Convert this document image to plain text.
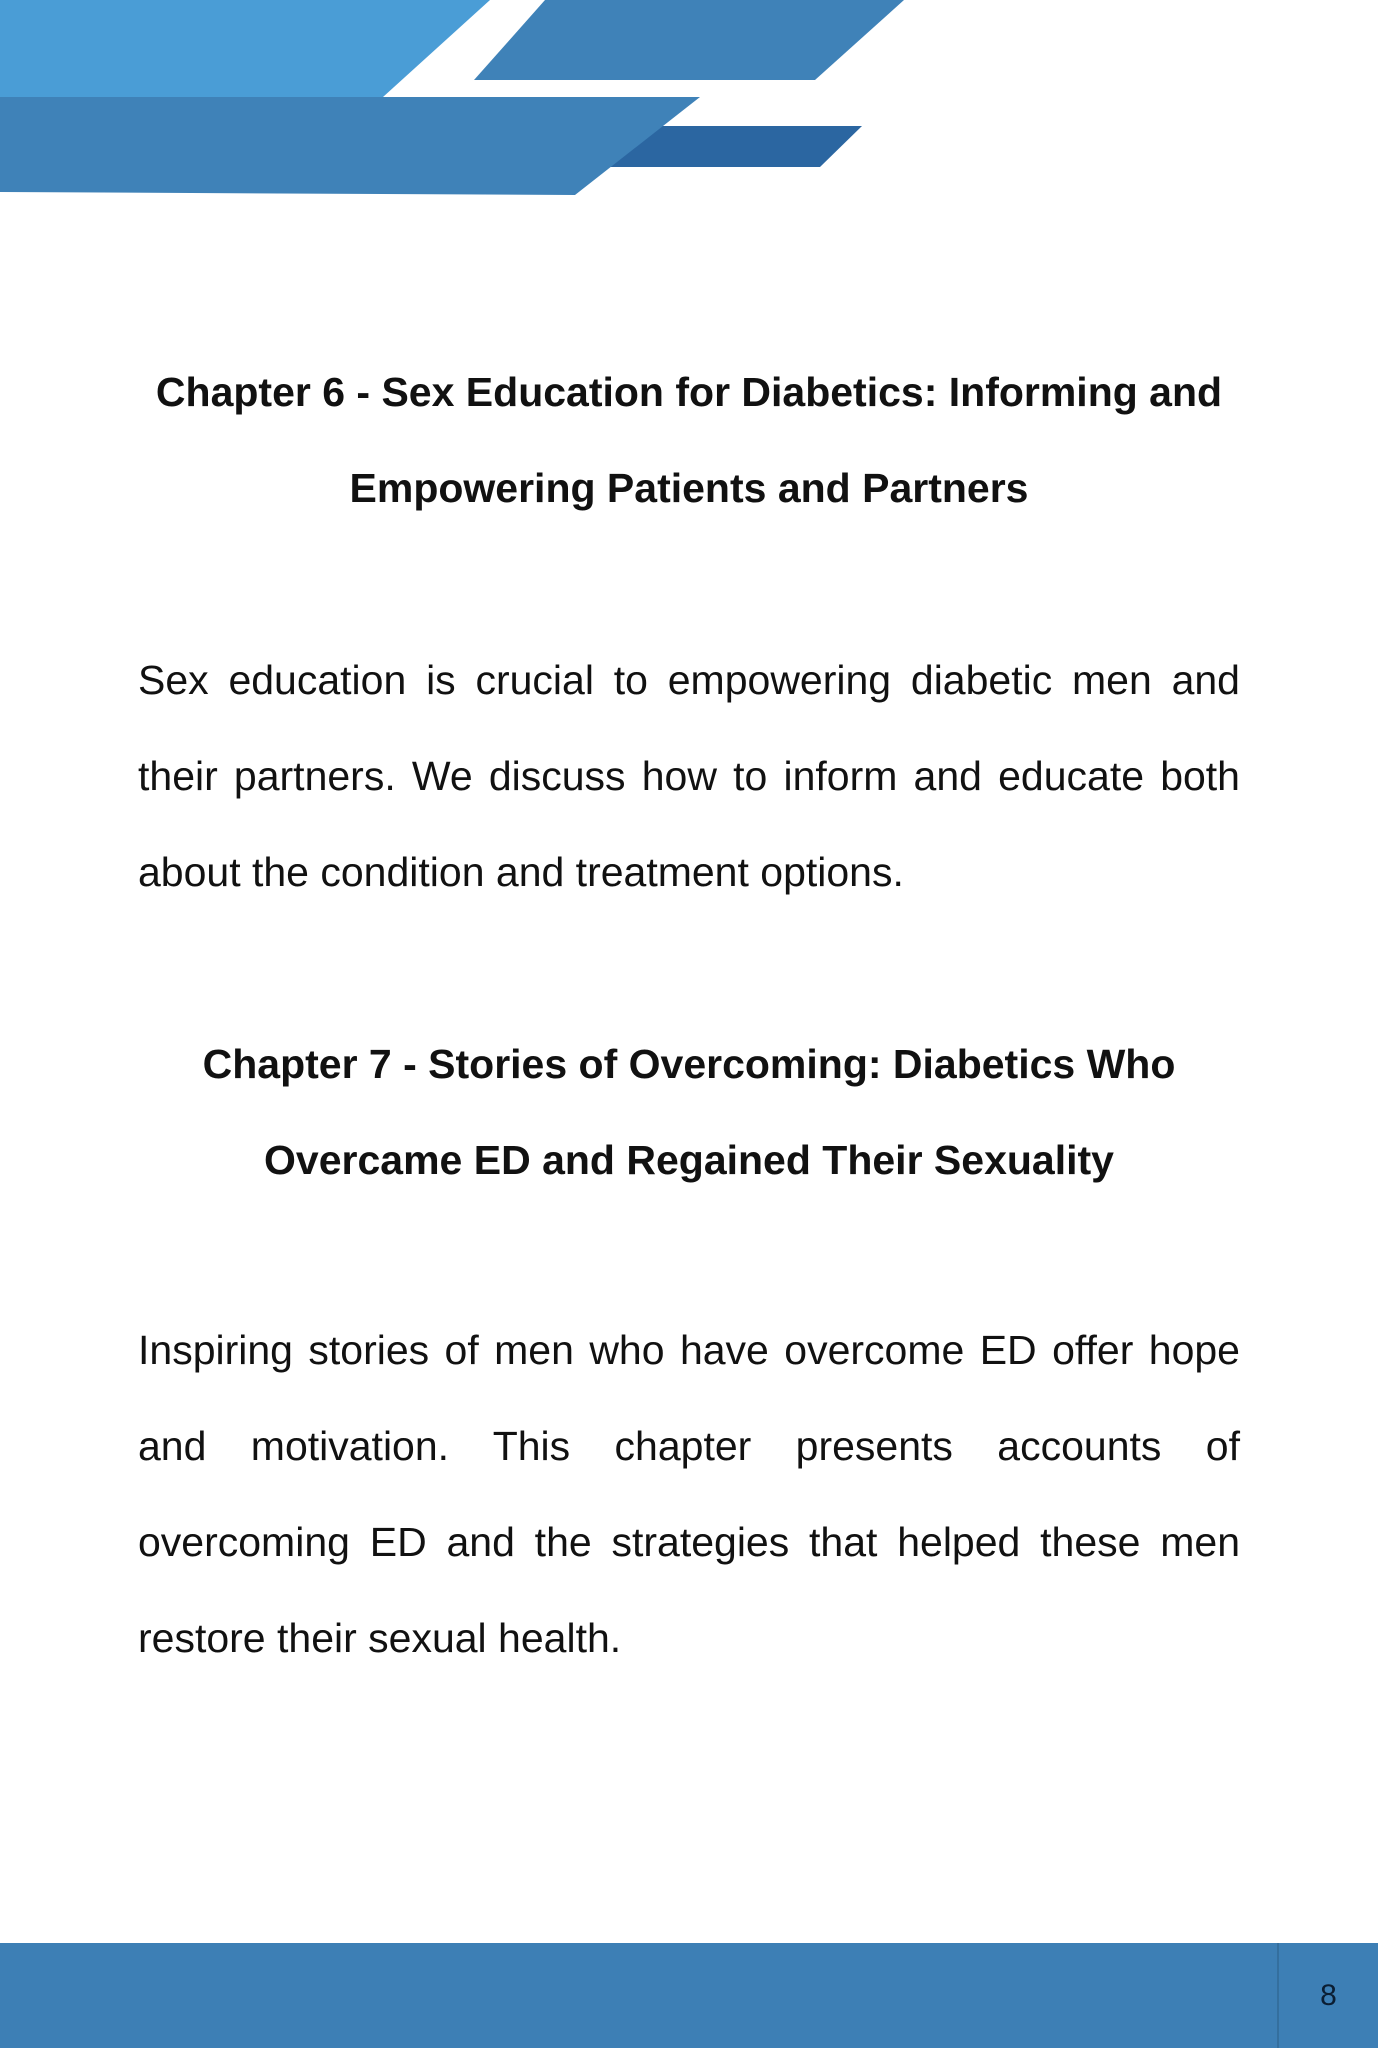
Chapter 6 - Sex Education for Diabetics: Informing and Empowering Patients and Partners

Sex education is crucial to empowering diabetic men and their partners. We discuss how to inform and educate both about the condition and treatment options.

Chapter 7 - Stories of Overcoming: Diabetics Who Overcame ED and Regained Their Sexuality

Inspiring stories of men who have overcome ED offer hope and motivation. This chapter presents accounts of overcoming ED and the strategies that helped these men restore their sexual health.

8
